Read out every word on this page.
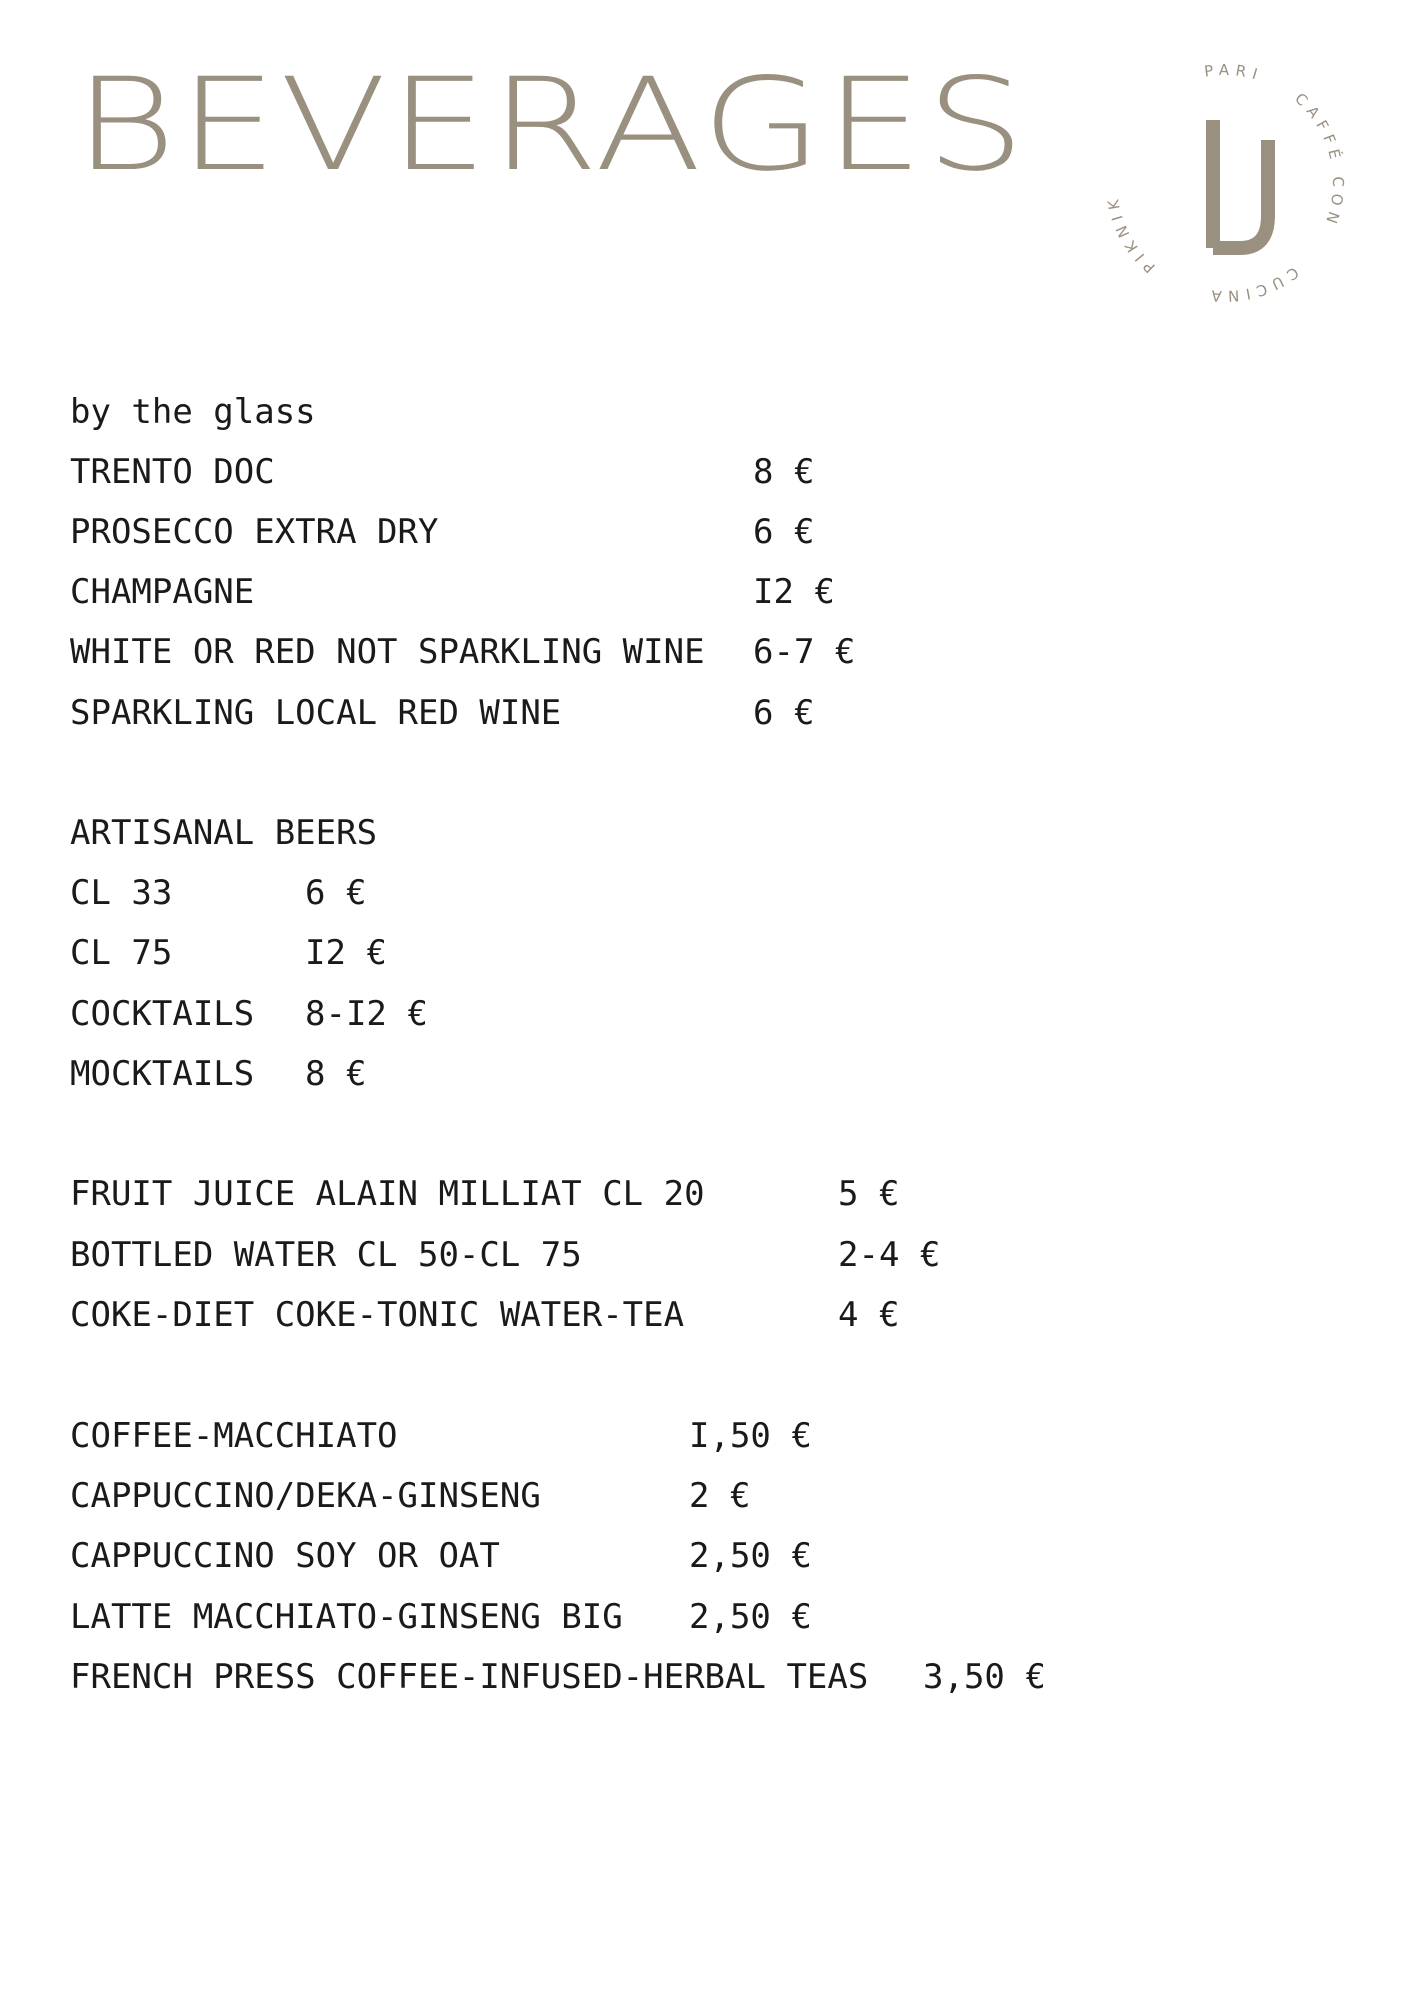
BEVERAGES	PARI
CAFFÉ CON
CUCINA
PIKNIK
by the glass
TRENTO DOC	8 €
PROSECCO EXTRA DRY	6 €
CHAMPAGNE	I2 €
WHITE OR RED NOT SPARKLING WINE 6-7 €
SPARKLING LOCAL RED WINE	6 €
ARTISANAL BEERS
CL 33	6 €
CL 75	I2 €
COCKTAILS 8-I2 €
MOCKTAILS 8 €
FRUIT JUICE ALAIN MILLIAT CL 20	5 €
BOTTLED WATER CL 50-CL 75	2-4 €
COKE-DIET COKE-TONIC WATER-TEA	4 €
COFFEE-MACCHIATO	I,50 €
CAPPUCCINO/DEKA-GINSENG	2 €
CAPPUCCINO SOY OR OAT	2,50 €
LATTE MACCHIATO-GINSENG BIG 2,50 €
FRENCH PRESS COFFEE-INFUSED-HERBAL TEAS 3,50 €
